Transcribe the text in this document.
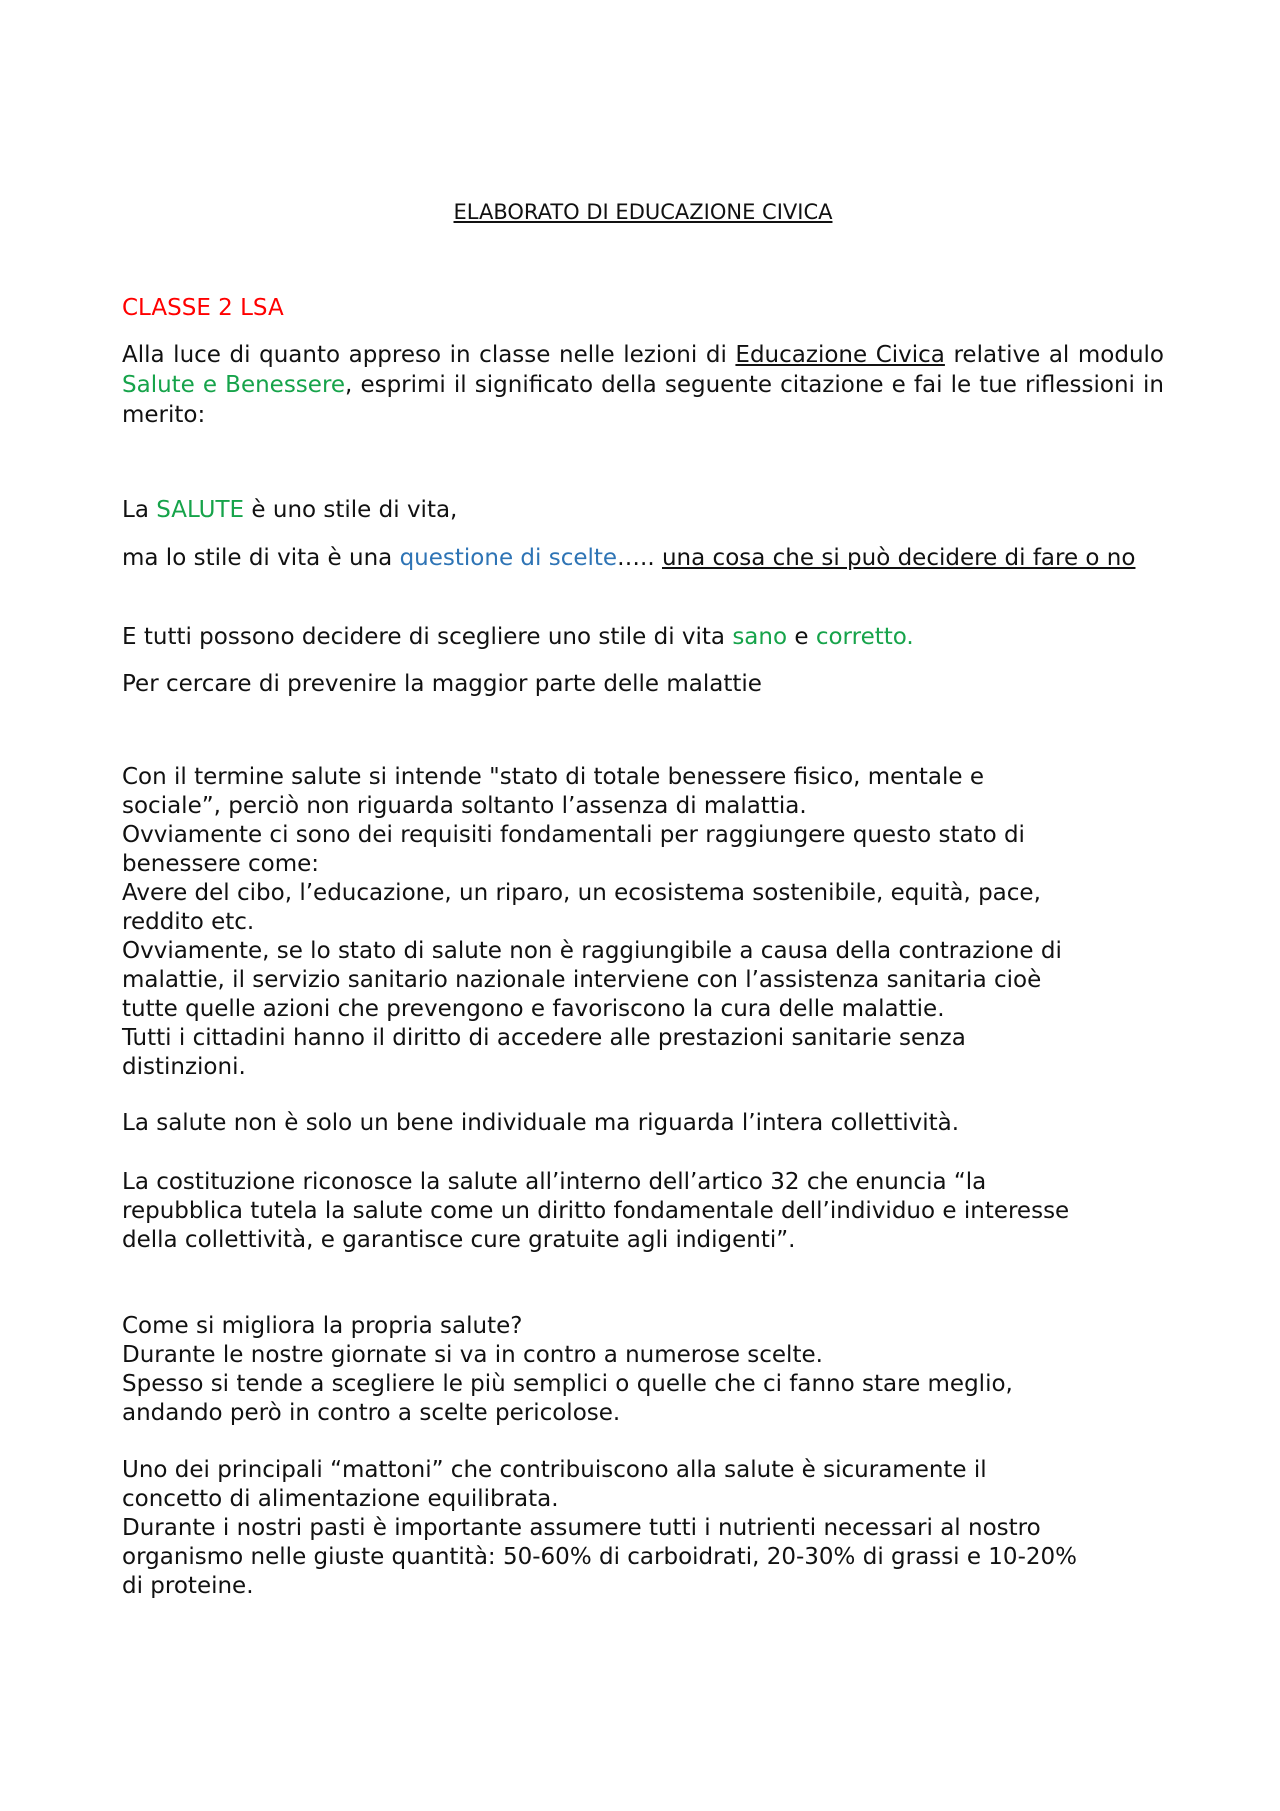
ELABORATO DI EDUCAZIONE CIVICA
CLASSE 2 LSA
Alla luce di quanto appreso in classe nelle lezioni di Educazione Civica relative al modulo Salute e Benessere, esprimi il significato della seguente citazione e fai le tue riflessioni in merito:

La SALUTE è uno stile di vita,

ma lo stile di vita è una questione di scelte….. una cosa che si può decidere di fare o no

E tutti possono decidere di scegliere uno stile di vita sano e corretto.

Per cercare di prevenire la maggior parte delle malattie

Con il termine salute si intende "stato di totale benessere fisico, mentale e
sociale”, perciò non riguarda soltanto l’assenza di malattia.
Ovviamente ci sono dei requisiti fondamentali per raggiungere questo stato di
benessere come:
Avere del cibo, l’educazione, un riparo, un ecosistema sostenibile, equità, pace,
reddito etc.
Ovviamente, se lo stato di salute non è raggiungibile a causa della contrazione di
malattie, il servizio sanitario nazionale interviene con l’assistenza sanitaria cioè
tutte quelle azioni che prevengono e favoriscono la cura delle malattie.
Tutti i cittadini hanno il diritto di accedere alle prestazioni sanitarie senza
distinzioni.
La salute non è solo un bene individuale ma riguarda l’intera collettività.
La costituzione riconosce la salute all’interno dell’artico 32 che enuncia “la
repubblica tutela la salute come un diritto fondamentale dell’individuo e interesse
della collettività, e garantisce cure gratuite agli indigenti”.
Come si migliora la propria salute?
Durante le nostre giornate si va in contro a numerose scelte.
Spesso si tende a scegliere le più semplici o quelle che ci fanno stare meglio,
andando però in contro a scelte pericolose.
Uno dei principali “mattoni” che contribuiscono alla salute è sicuramente il
concetto di alimentazione equilibrata.
Durante i nostri pasti è importante assumere tutti i nutrienti necessari al nostro
organismo nelle giuste quantità: 50-60% di carboidrati, 20-30% di grassi e 10-20%
di proteine.
